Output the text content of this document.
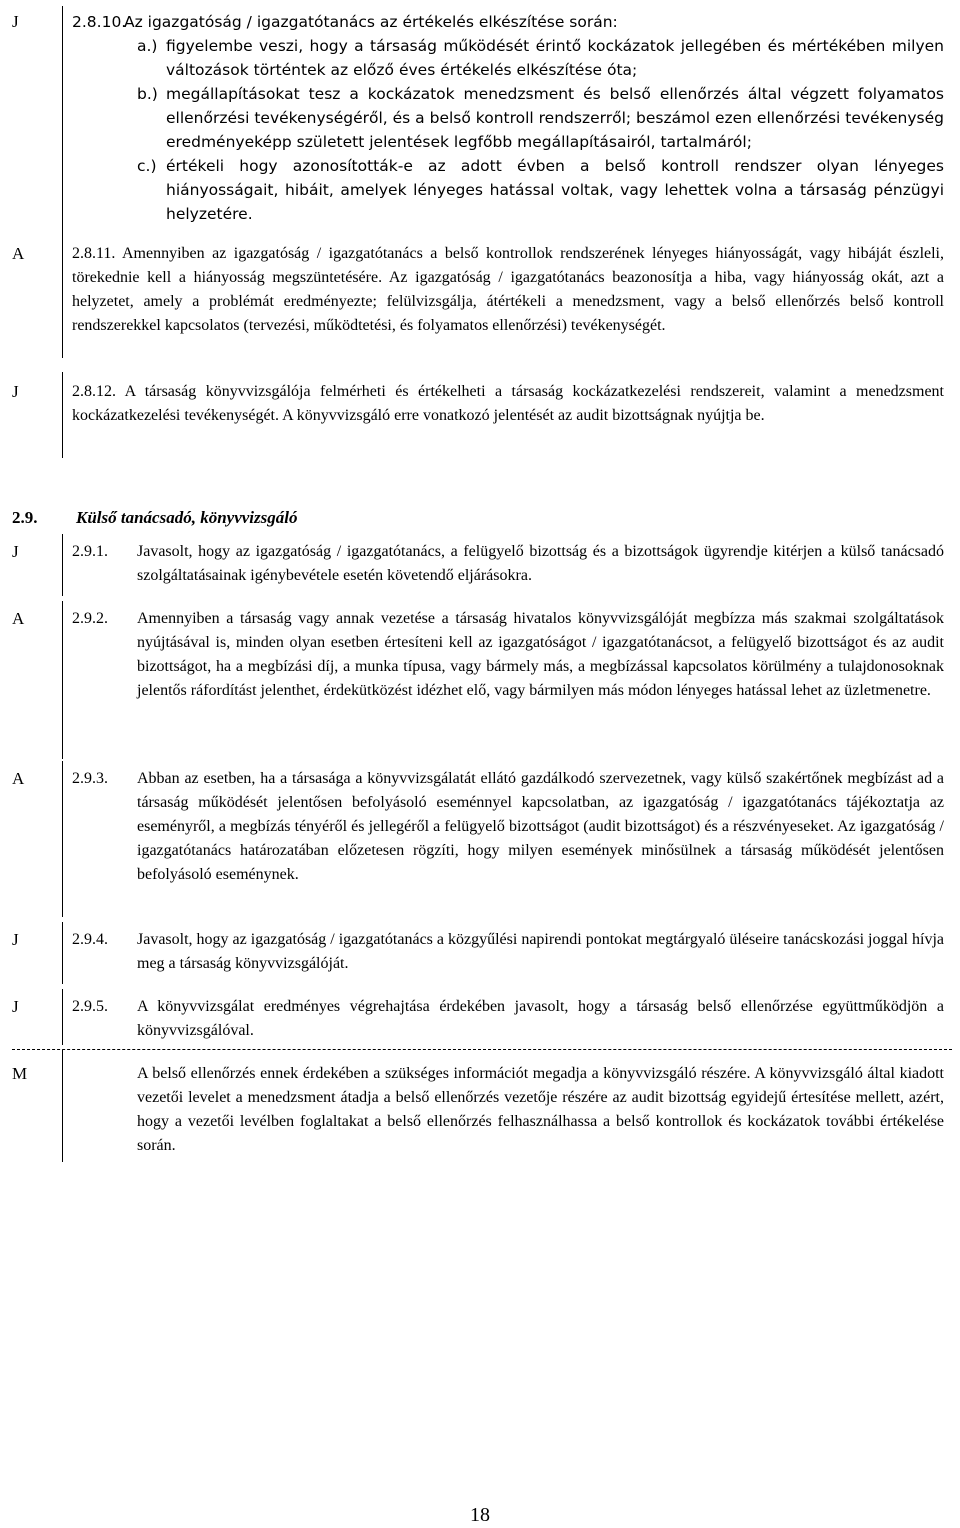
J	2.8.10.
Az igazgatóság / igazgatótanács az értékelés elkészítése során:
a.) figyelembe veszi, hogy a társaság működését érintő kockázatok jellegében és mértékében milyen változások történtek az előző éves értékelés elkészítése óta;
b.) megállapításokat tesz a kockázatok menedzsment és belső ellenőrzés által végzett folyamatos ellenőrzési tevékenységéről, és a belső kontroll rendszerről; beszámol ezen ellenőrzési tevékenység eredményeképp született jelentések legfőbb megállapításairól, tartalmáról;
c.) értékeli hogy azonosították-e az adott évben a belső kontroll rendszer olyan lényeges hiányosságait, hibáit, amelyek lényeges hatással voltak, vagy lehettek volna a társaság pénzügyi helyzetére.
A	2.8.11. Amennyiben az igazgatóság / igazgatótanács a belső kontrollok rendszerének lényeges hiányosságát, vagy hibáját észleli, törekednie kell a hiányosság megszüntetésére. Az igazgatóság / igazgatótanács beazonosítja a hiba, vagy hiányosság okát, azt a helyzetet, amely a problémát eredményezte; felülvizsgálja, átértékeli a menedzsment, vagy a belső ellenőrzés belső kontroll rendszerekkel kapcsolatos (tervezési, működtetési, és folyamatos ellenőrzési) tevékenységét.
J	2.8.12. A társaság könyvvizsgálója felmérheti és értékelheti a társaság kockázatkezelési rendszereit, valamint a menedzsment kockázatkezelési tevékenységét. A könyvvizsgáló erre vonatkozó jelentését az audit bizottságnak nyújtja be.
2.9. Külső tanácsadó, könyvvizsgáló
J	2.9.1. Javasolt, hogy az igazgatóság / igazgatótanács, a felügyelő bizottság és a bizottságok ügyrendje kitérjen a külső tanácsadó szolgáltatásainak igénybevétele esetén követendő eljárásokra.
A	2.9.2. Amennyiben a társaság vagy annak vezetése a társaság hivatalos könyvvizsgálóját megbízza más szakmai szolgáltatások nyújtásával is, minden olyan esetben értesíteni kell az igazgatóságot / igazgatótanácsot, a felügyelő bizottságot és az audit bizottságot, ha a megbízási díj, a munka típusa, vagy bármely más, a megbízással kapcsolatos körülmény a tulajdonosoknak jelentős ráfordítást jelenthet, érdekütközést idézhet elő, vagy bármilyen más módon lényeges hatással lehet az üzletmenetre.
A	2.9.3. Abban az esetben, ha a társasága a könyvvizsgálatát ellátó gazdálkodó szervezetnek, vagy külső szakértőnek megbízást ad a társaság működését jelentősen befolyásoló eseménnyel kapcsolatban, az igazgatóság / igazgatótanács tájékoztatja az eseményről, a megbízás tényéről és jellegéről a felügyelő bizottságot (audit bizottságot) és a részvényeseket. Az igazgatóság / igazgatótanács határozatában előzetesen rögzíti, hogy milyen események minősülnek a társaság működését jelentősen befolyásoló eseménynek.
J	2.9.4. Javasolt, hogy az igazgatóság / igazgatótanács a közgyűlési napirendi pontokat megtárgyaló üléseire tanácskozási joggal hívja meg a társaság könyvvizsgálóját.
J	2.9.5. A könyvvizsgálat eredményes végrehajtása érdekében javasolt, hogy a társaság belső ellenőrzése együttműködjön a könyvvizsgálóval.
M	A belső ellenőrzés ennek érdekében a szükséges információt megadja a könyvvizsgáló részére. A könyvvizsgáló által kiadott vezetői levelet a menedzsment átadja a belső ellenőrzés vezetője részére az audit bizottság egyidejű értesítése mellett, azért, hogy a vezetői levélben foglaltakat a belső ellenőrzés felhasználhassa a belső kontrollok és kockázatok további értékelése során.
18
